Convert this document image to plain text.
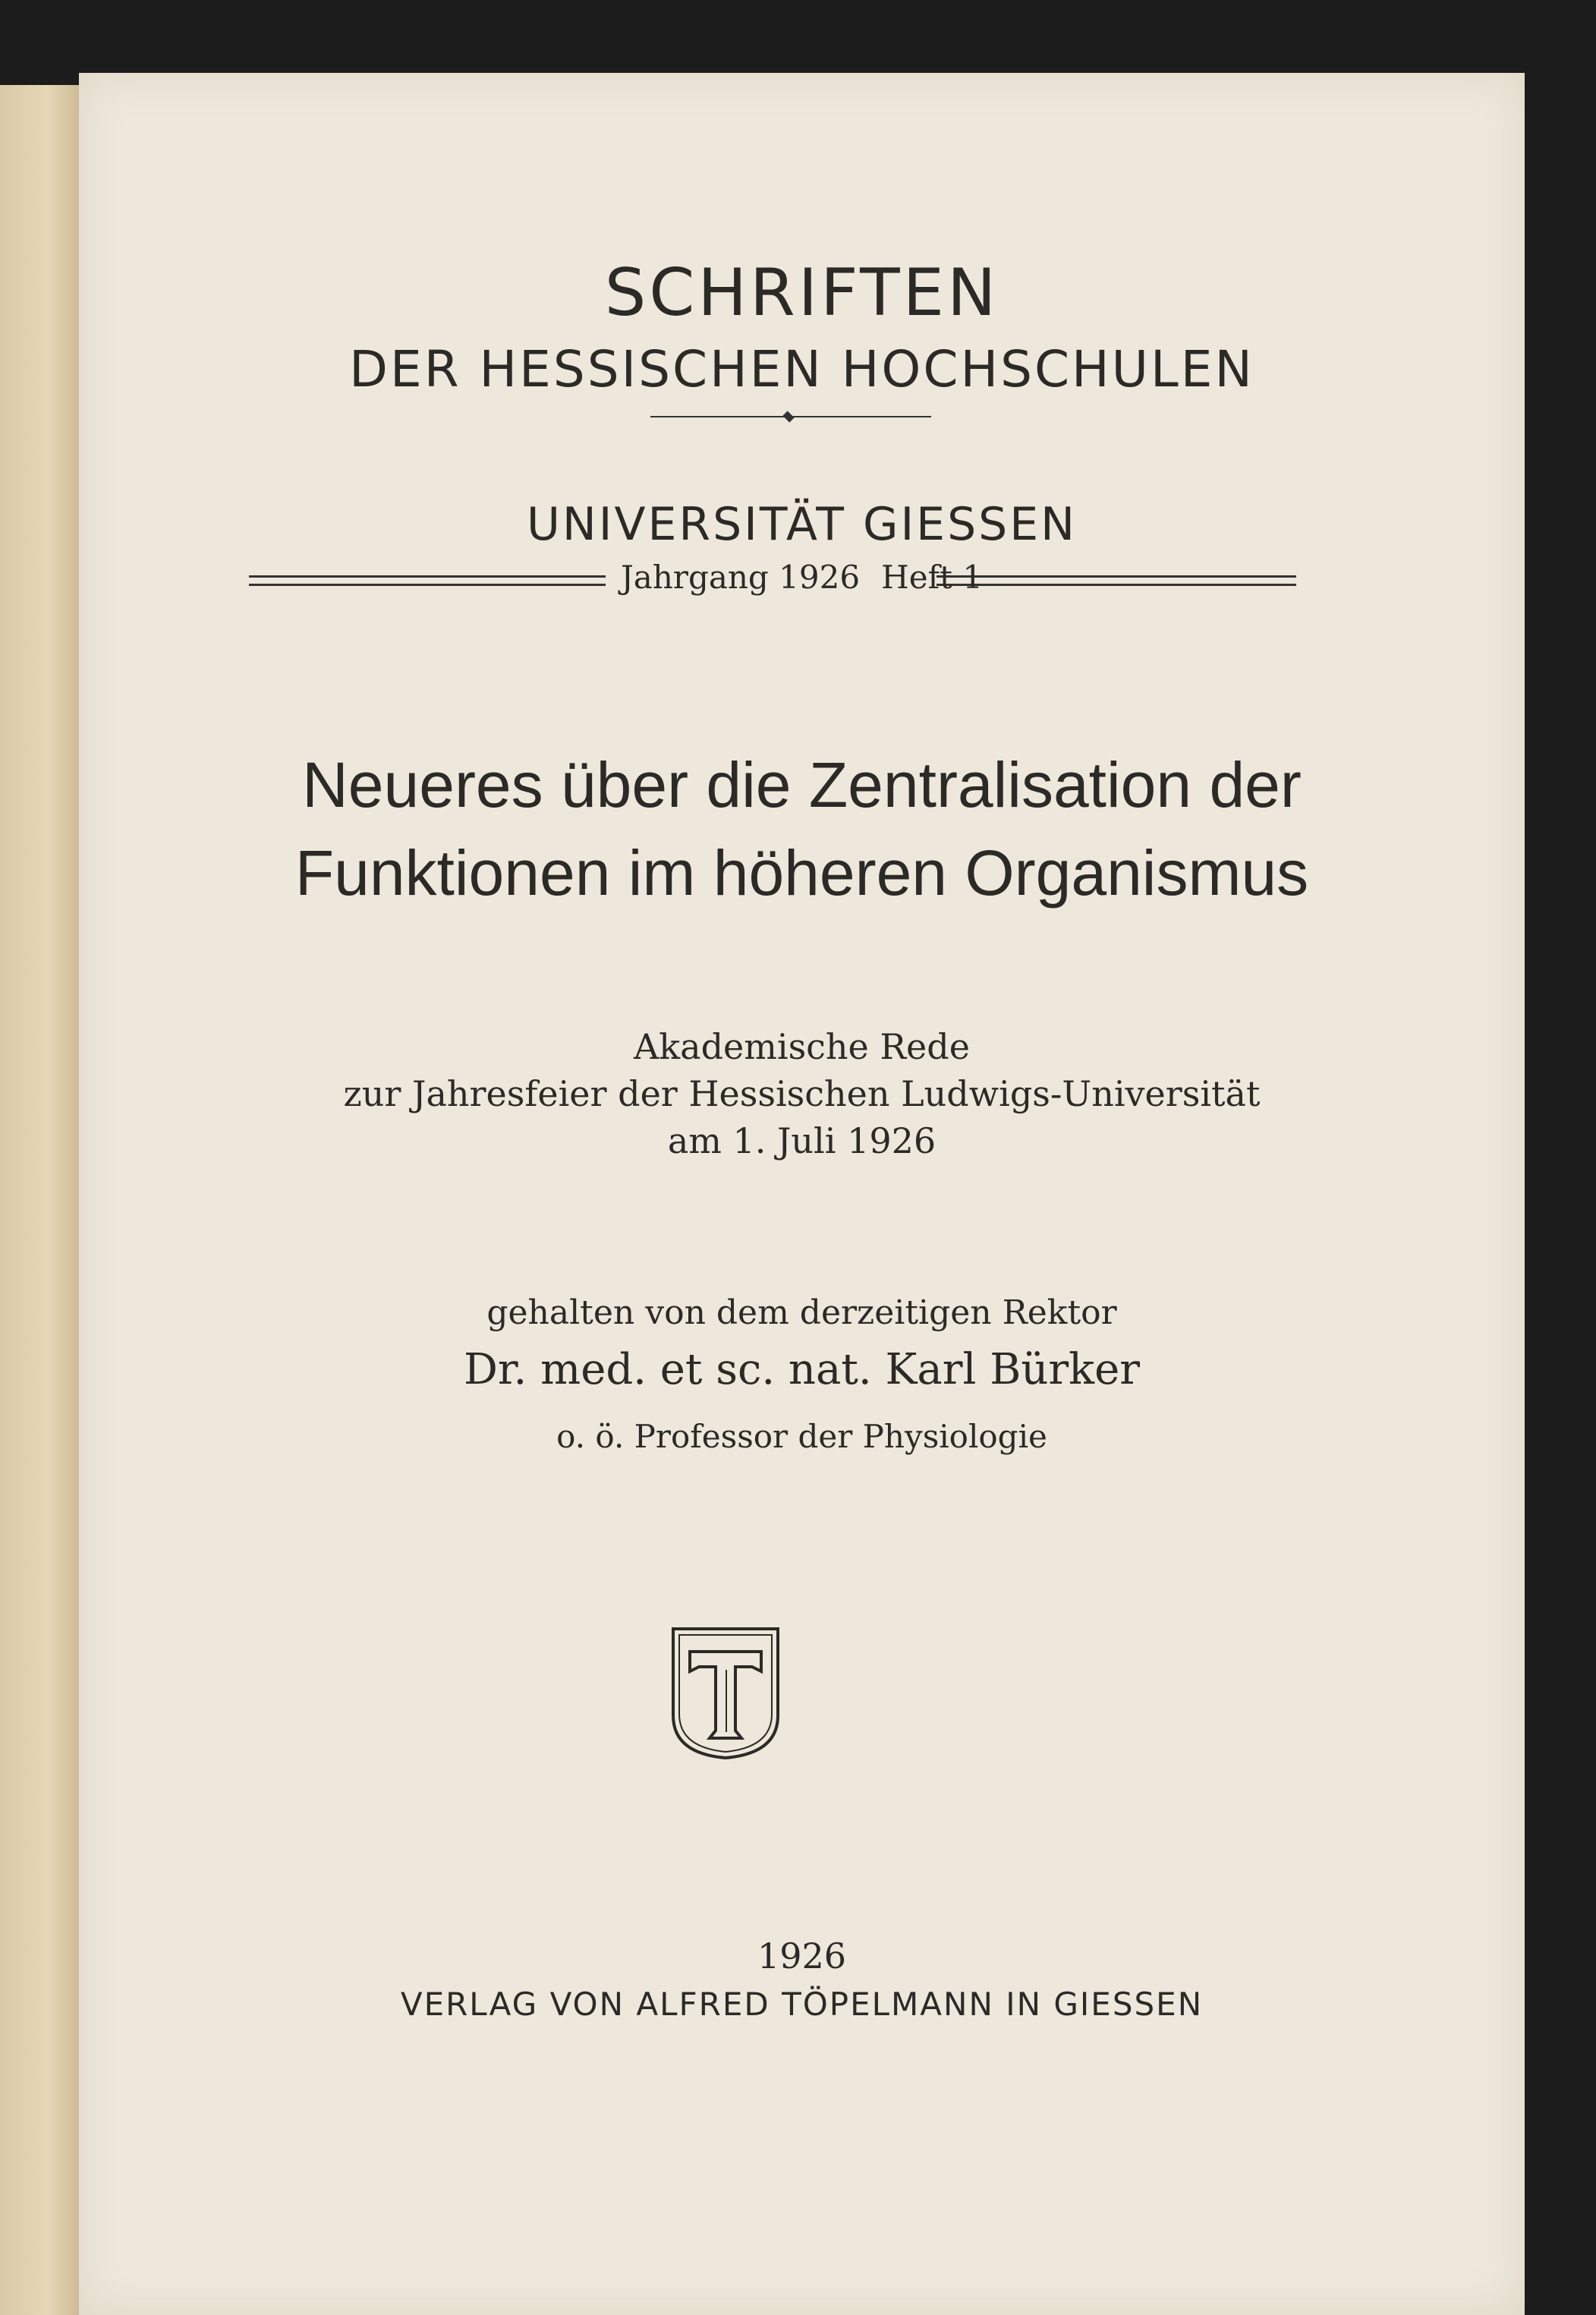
SCHRIFTEN
DER HESSISCHEN HOCHSCHULEN
UNIVERSITÄT GIESSEN
Jahrgang 1926 Heft 1
Neueres über die Zentralisation der
Funktionen im höheren Organismus
Akademische Rede
zur Jahresfeier der Hessischen Ludwigs-Universität
am 1. Juli 1926
gehalten von dem derzeitigen Rektor
Dr. med. et sc. nat. Karl Bürker
o. ö. Professor der Physiologie
1926
VERLAG VON ALFRED TÖPELMANN IN GIESSEN
